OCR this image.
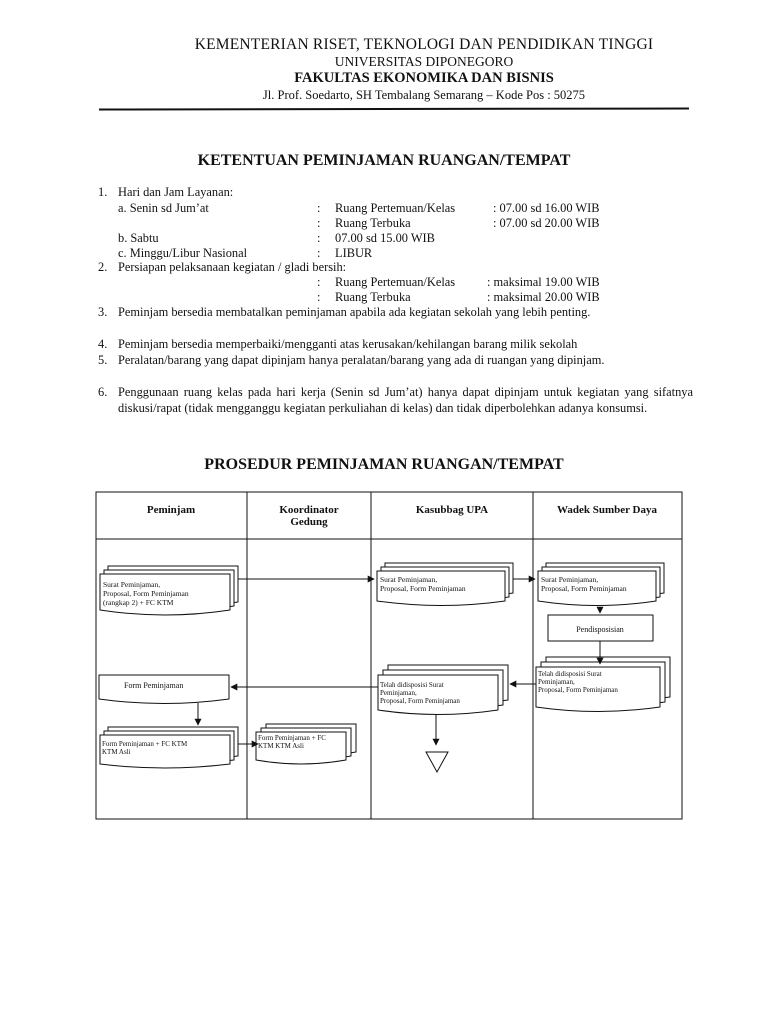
KEMENTERIAN RISET, TEKNOLOGI DAN PENDIDIKAN TINGGI
UNIVERSITAS DIPONEGORO
FAKULTAS EKONOMIKA DAN BISNIS
Jl. Prof. Soedarto, SH Tembalang Semarang – Kode Pos : 50275
KETENTUAN PEMINJAMAN RUANGAN/TEMPAT
1. Hari dan Jam Layanan:
a. Senin sd Jum’at	: Ruang Pertemuan/Kelas	: 07.00 sd 16.00 WIB
: Ruang Terbuka	: 07.00 sd 20.00 WIB
b. Sabtu	: 07.00 sd 15.00 WIB
c. Minggu/Libur Nasional	: LIBUR
2. Persiapan pelaksanaan kegiatan / gladi bersih:
: Ruang Pertemuan/Kelas	: maksimal 19.00 WIB
: Ruang Terbuka	: maksimal 20.00 WIB
3. Peminjam bersedia membatalkan peminjaman apabila ada kegiatan sekolah yang lebih penting.
4. Peminjam bersedia memperbaiki/mengganti atas kerusakan/kehilangan barang milik sekolah
5. Peralatan/barang yang dapat dipinjam hanya peralatan/barang yang ada di ruangan yang dipinjam.
6. Penggunaan ruang kelas pada hari kerja (Senin sd Jum’at) hanya dapat dipinjam untuk kegiatan yang sifatnya diskusi/rapat (tidak mengganggu kegiatan perkuliahan di kelas) dan tidak diperbolehkan adanya konsumsi.
PROSEDUR PEMINJAMAN RUANGAN/TEMPAT
Peminjam	Koordinator
Gedung
Kasubbag UPA	Wadek Sumber Daya
Surat Peminjaman,
Proposal, Form Peminjaman
(rangkap 2) + FC KTM
Surat Peminjaman,
Proposal, Form Peminjaman
Surat Peminjaman,
Proposal, Form Peminjaman
Pendisposisian
Telah didisposisi Surat
Peminjaman,
Proposal, Form Peminjaman
Telah didisposisi Surat
Peminjaman,
Proposal, Form Peminjaman
Form Peminjaman
Form Peminjaman + FC KTM
KTM Asli
Form Peminjaman + FC
KTM KTM Asli
